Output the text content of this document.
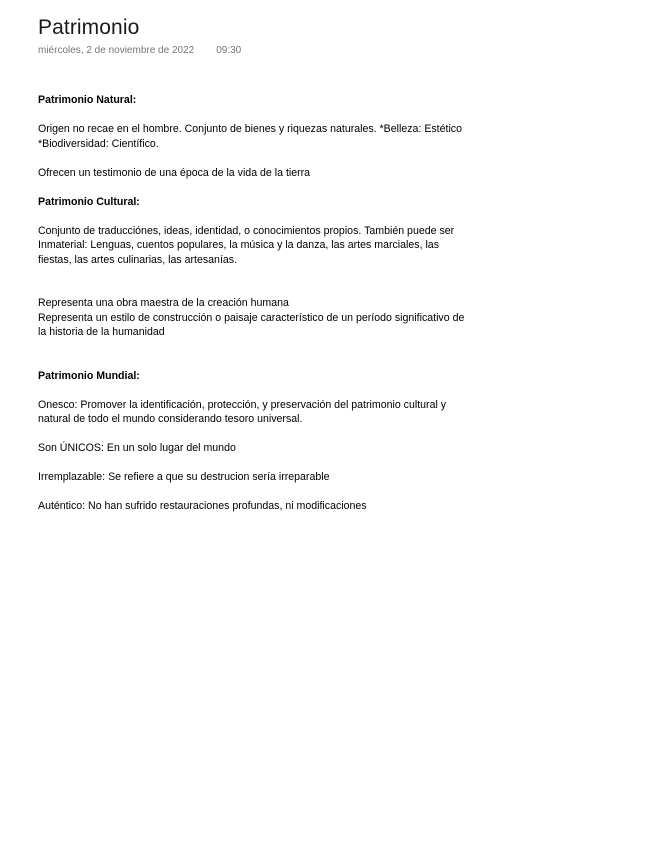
Patrimonio
miércoles, 2 de noviembre de 2022 09:30

Patrimonio Natural:

Origen no recae en el hombre. Conjunto de bienes y riquezas naturales. *Belleza: Estético

*Biodiversidad: Científico.

Ofrecen un testimonio de una época de la vida de la tierra

Patrimonio Cultural:

Conjunto de traducciónes, ideas, identidad, o conocimientos propios. También puede ser

Inmaterial: Lenguas, cuentos populares, la música y la danza, las artes marciales, las

fiestas, las artes culinarias, las artesanías.

Representa una obra maestra de la creación humana

Representa un estilo de construcción o paisaje característico de un período significativo de

la historia de la humanidad

Patrimonio Mundial:

Onesco: Promover la identificación, protección, y preservación del patrimonio cultural y

natural de todo el mundo considerando tesoro universal.

Son ÚNICOS: En un solo lugar del mundo

Irremplazable: Se refiere a que su destrucion sería irreparable

Auténtico: No han sufrido restauraciones profundas, ni modificaciones
